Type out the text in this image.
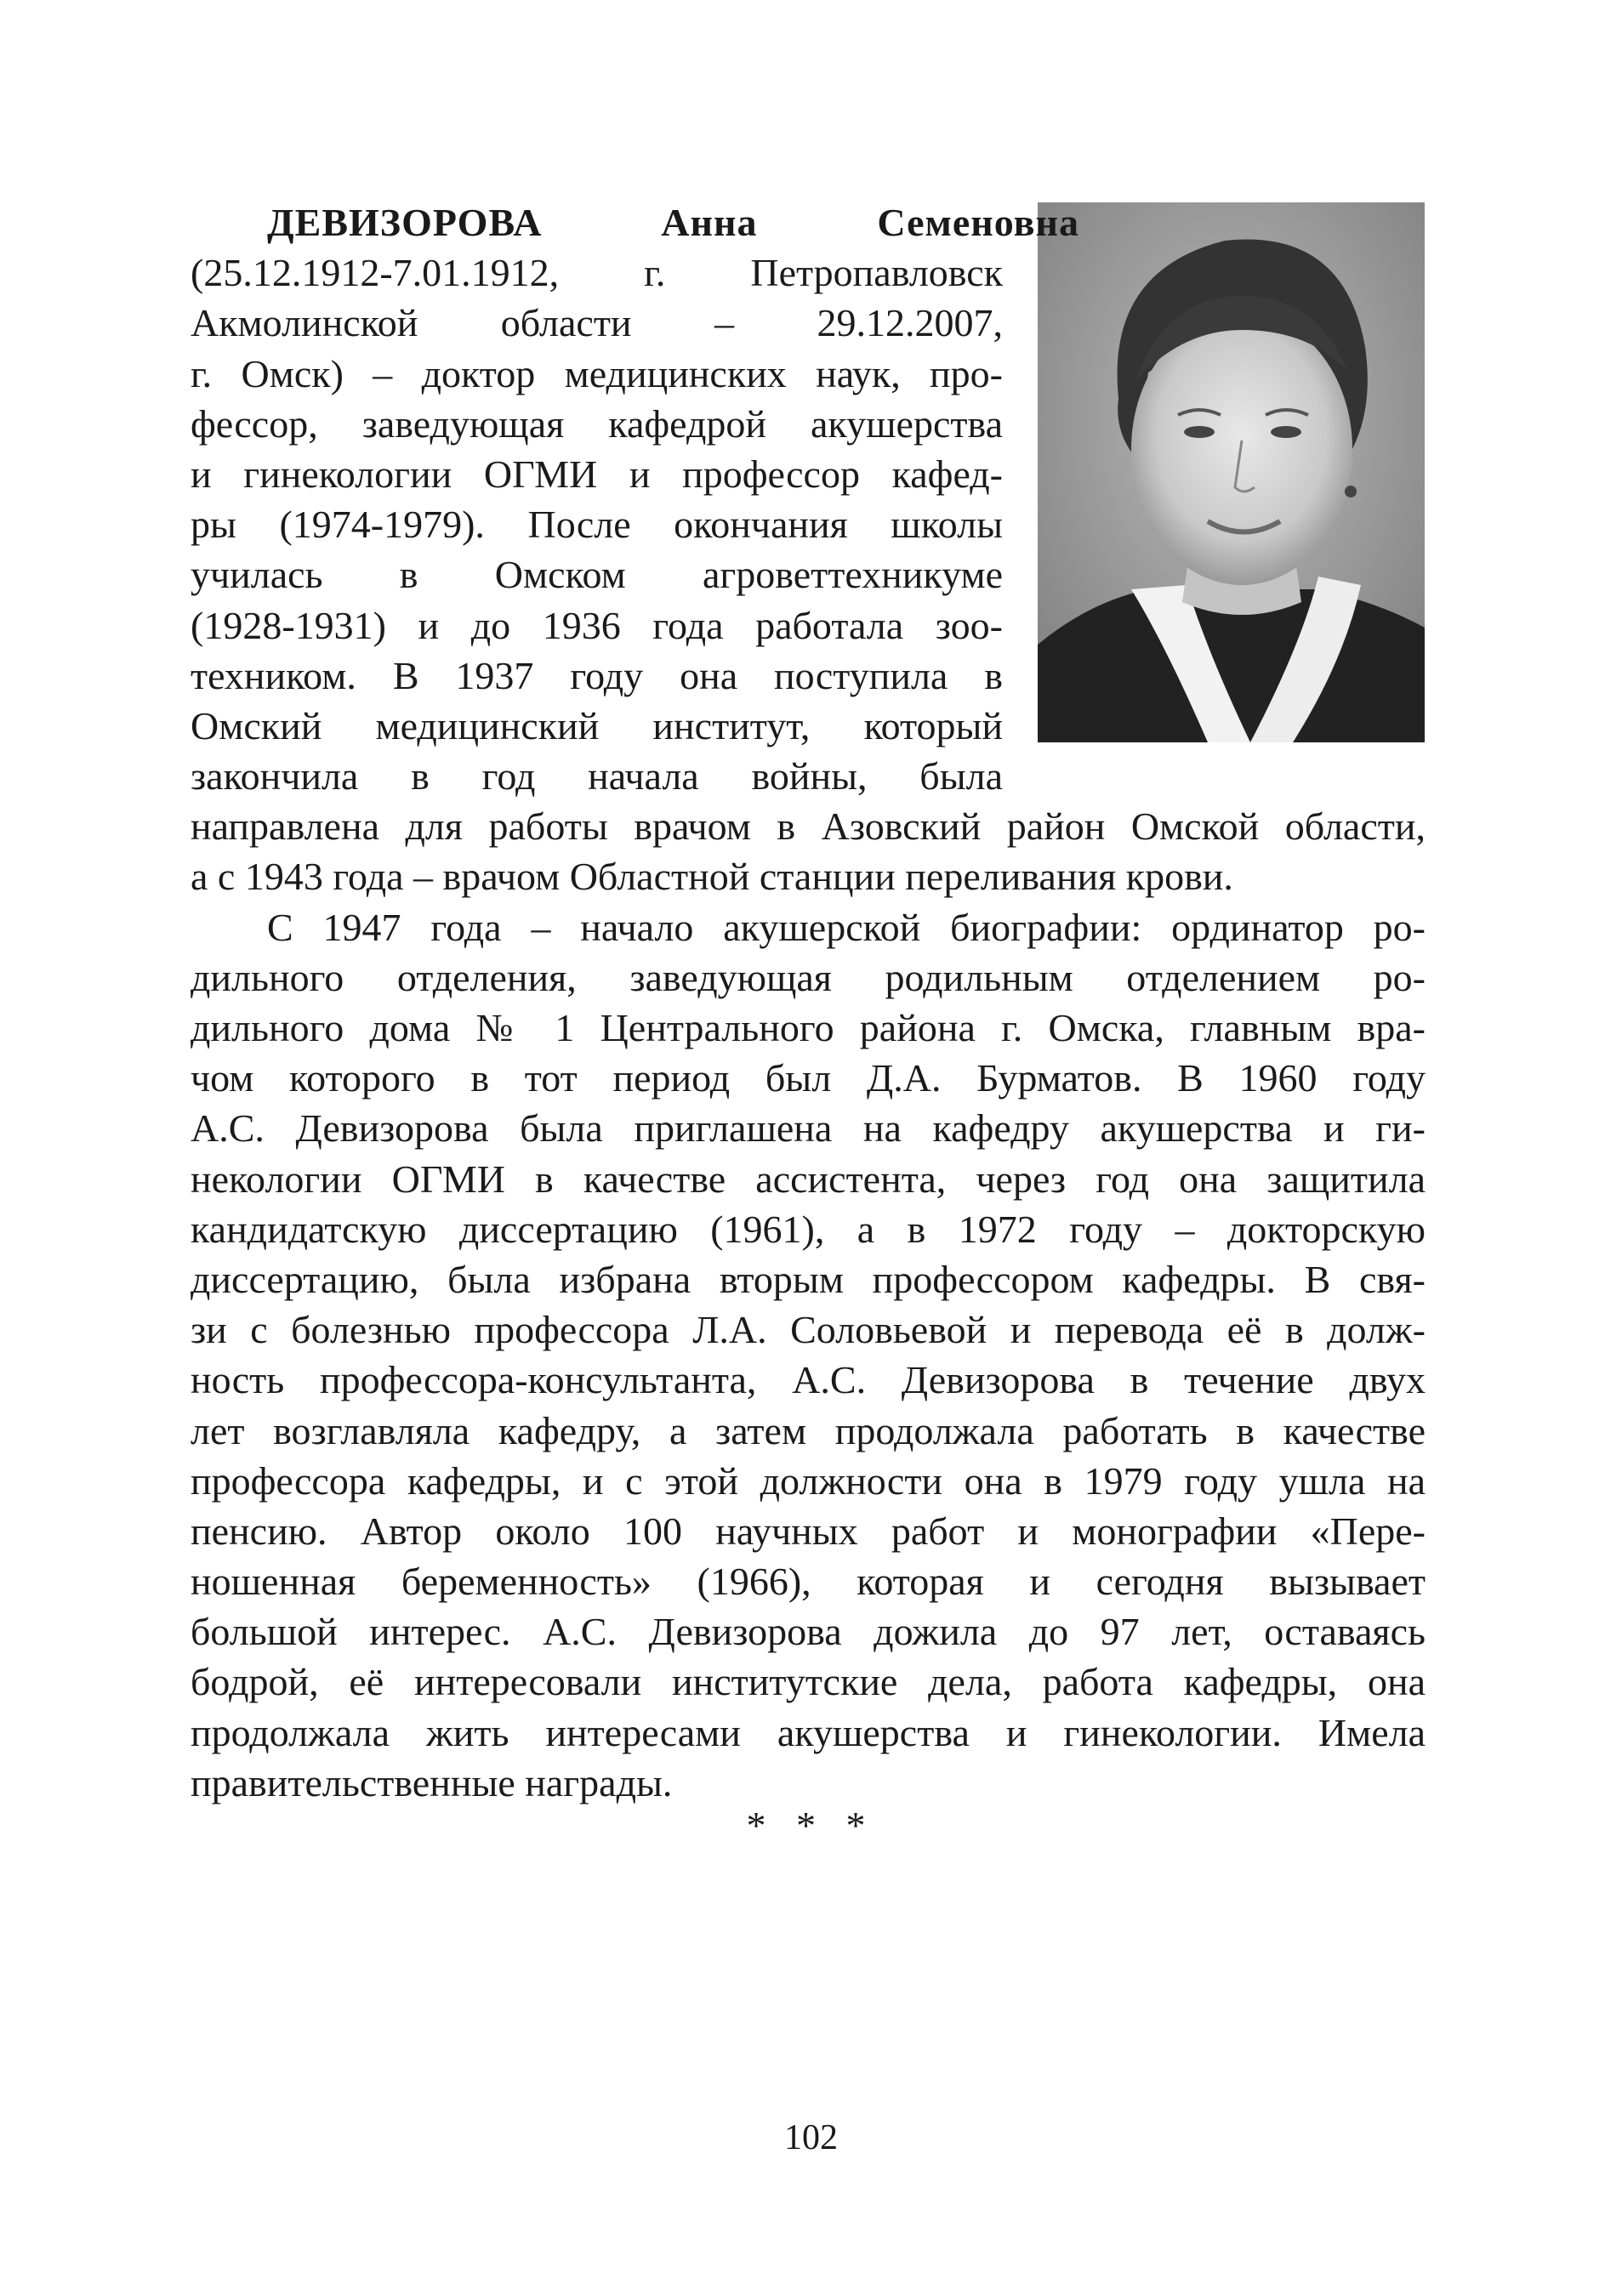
ДЕВИЗОРОВА	Анна Семеновна
(25.12.1912-7.01.1912, г. Петропавловск
Акмолинской области – 29.12.2007,
г. Омск) – доктор медицинских наук, про-
фессор, заведующая кафедрой акушерства
и гинекологии ОГМИ и профессор кафед-
ры (1974-1979). После окончания школы
училась в Омском агроветтехникуме
(1928-1931) и до 1936 года работала зоо-
техником. В 1937 году она поступила в
Омский медицинский институт, который
закончила в год начала войны, была
направлена для работы врачом в Азовский район Омской области,
а с 1943 года – врачом Областной станции переливания крови.
С 1947 года – начало акушерской биографии: ординатор ро-
дильного отделения, заведующая родильным отделением ро-
дильного дома № 1 Центрального района г. Омска, главным вра-
чом которого в тот период был Д.А. Бурматов. В 1960 году
А.С. Девизорова была приглашена на кафедру акушерства и ги-
некологии ОГМИ в качестве ассистента, через год она защитила
кандидатскую диссертацию (1961), а в 1972 году – докторскую
диссертацию, была избрана вторым профессором кафедры. В свя-
зи с болезнью профессора Л.А. Соловьевой и перевода её в долж-
ность профессора-консультанта, А.С. Девизорова в течение двух
лет возглавляла кафедру, а затем продолжала работать в качестве
профессора кафедры, и с этой должности она в 1979 году ушла на
пенсию. Автор около 100 научных работ и монографии «Пере-
ношенная беременность» (1966), которая и сегодня вызывает
большой интерес. А.С. Девизорова дожила до 97 лет, оставаясь
бодрой, её интересовали институтские дела, работа кафедры, она
продолжала жить интересами акушерства и гинекологии. Имела
правительственные награды.
* * *
102
